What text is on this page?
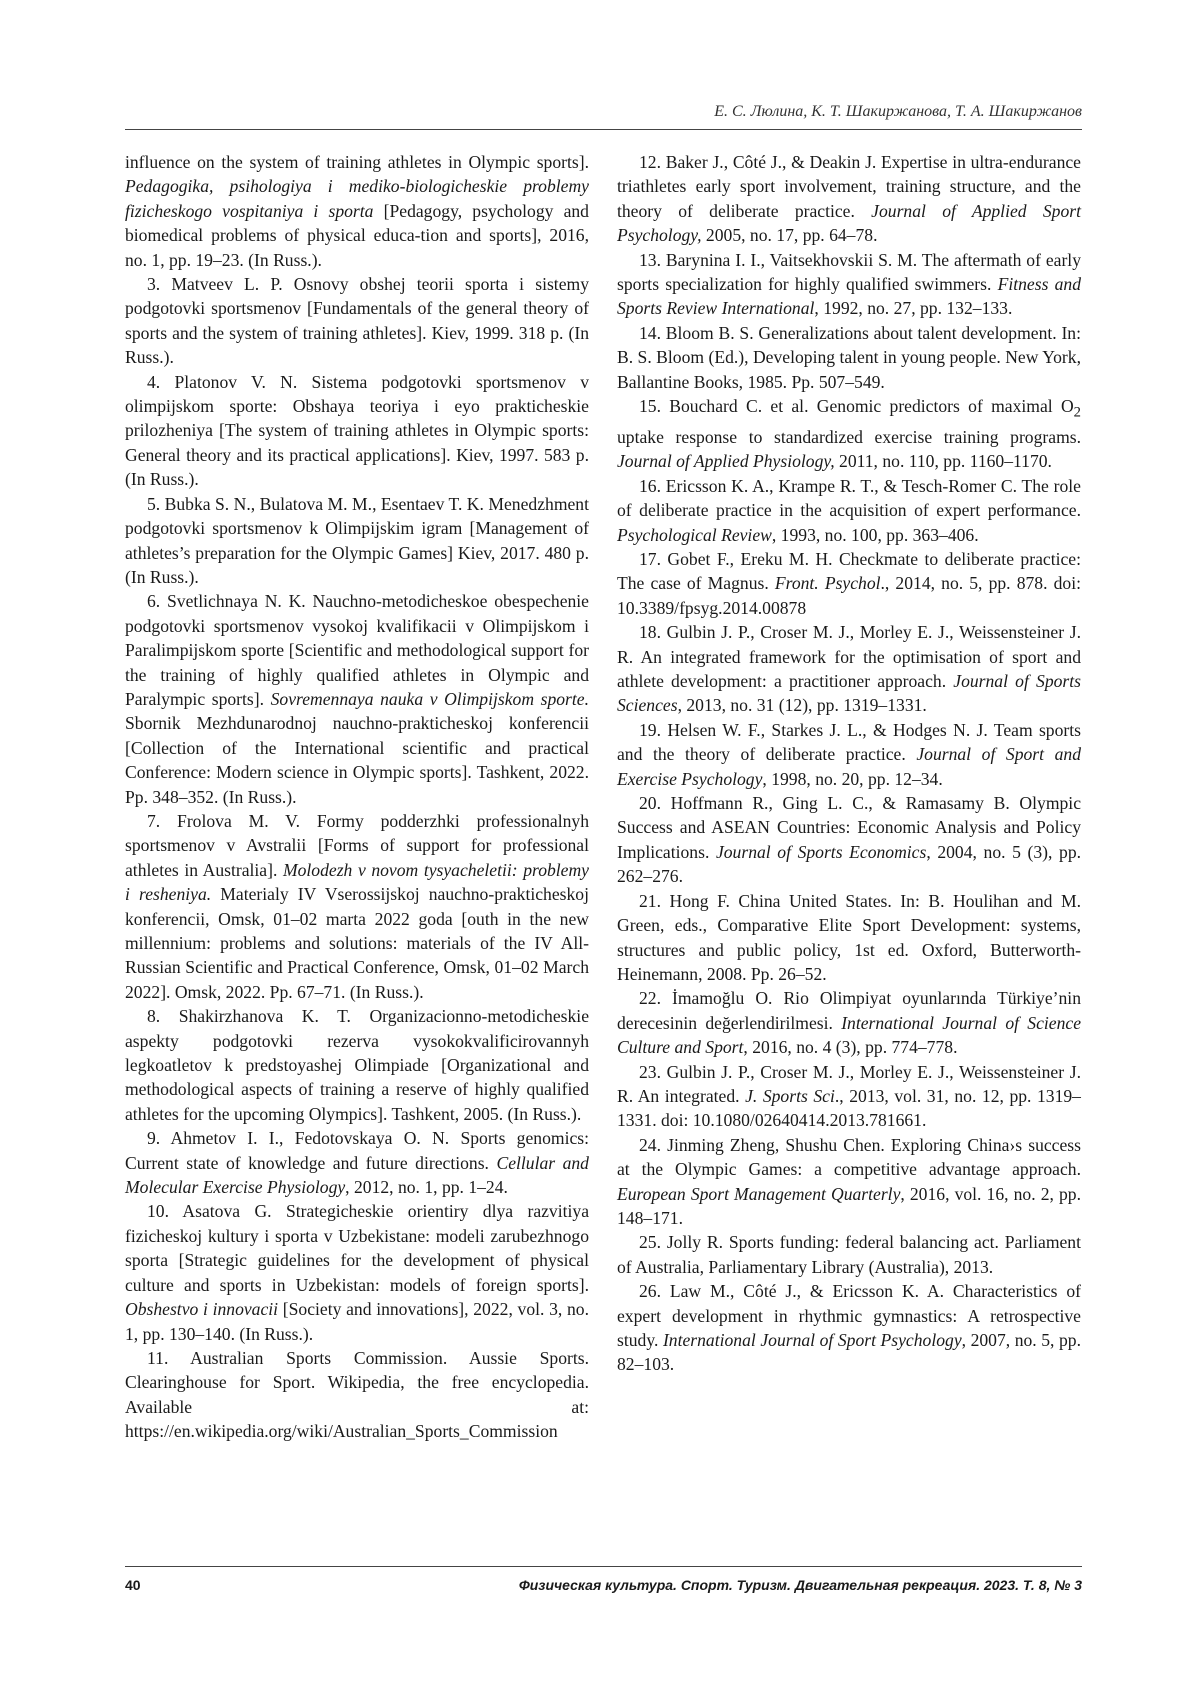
Е. С. Люлина, К. Т. Шакиржанова, Т. А. Шакиржанов

influence on the system of training athletes in Olympic sports]. Pedagogika, psihologiya i mediko-biologicheskie problemy fizicheskogo vospitaniya i sporta [Pedagogy, psychology and biomedical problems of physical educa-tion and sports], 2016, no. 1, pp. 19–23. (In Russ.).

3. Matveev L. P. Osnovy obshej teorii sporta i sistemy podgotovki sportsmenov [Fundamentals of the general theory of sports and the system of training athletes]. Kiev, 1999. 318 p. (In Russ.).

4. Platonov V. N. Sistema podgotovki sportsmenov v olimpijskom sporte: Obshaya teoriya i eyo prakticheskie prilozheniya [The system of training athletes in Olympic sports: General theory and its practical applications]. Kiev, 1997. 583 p. (In Russ.).

5. Bubka S. N., Bulatova M. M., Esentaev T. K. Menedzhment podgotovki sportsmenov k Olimpijskim igram [Management of athletes’s preparation for the Olympic Games] Kiev, 2017. 480 p. (In Russ.).

6. Svetlichnaya N. K. Nauchno-metodicheskoe obespechenie podgotovki sportsmenov vysokoj kvalifikacii v Olimpijskom i Paralimpijskom sporte [Scientific and methodological support for the training of highly qualified athletes in Olympic and Paralympic sports]. Sovremennaya nauka v Olimpijskom sporte. Sbornik Mezhdunarodnoj nauchno-prakticheskoj konferencii [Collection of the International scientific and practical Conference: Modern science in Olympic sports]. Tashkent, 2022. Pp. 348–352. (In Russ.).

7. Frolova M. V. Formy podderzhki professionalnyh sportsmenov v Avstralii [Forms of support for professional athletes in Australia]. Molodezh v novom tysyacheletii: problemy i resheniya. Materialy IV Vserossijskoj nauchno-prakticheskoj konferencii, Omsk, 01–02 marta 2022 goda [outh in the new millennium: problems and solutions: materials of the IV All-Russian Scientific and Practical Conference, Omsk, 01–02 March 2022]. Omsk, 2022. Pp. 67–71. (In Russ.).

8. Shakirzhanova K. T. Organizacionno-metodicheskie aspekty podgotovki rezerva vysokokvalificirovannyh legkoatletov k predstoyashej Olimpiade [Organizational and methodological aspects of training a reserve of highly qualified athletes for the upcoming Olympics]. Tashkent, 2005. (In Russ.).

9. Ahmetov I. I., Fedotovskaya O. N. Sports genomics: Current state of knowledge and future directions. Cellular and Molecular Exercise Physiology, 2012, no. 1, pp. 1–24.

10. Asatova G. Strategicheskie orientiry dlya razvitiya fizicheskoj kultury i sporta v Uzbekistane: modeli zarubezhnogo sporta [Strategic guidelines for the development of physical culture and sports in Uzbekistan: models of foreign sports]. Obshestvo i innovacii [Society and innovations], 2022, vol. 3, no. 1, pp. 130–140. (In Russ.).

11. Australian Sports Commission. Aussie Sports. Clearinghouse for Sport. Wikipedia, the free encyclopedia. Available at: https://en.wikipedia.org/wiki/Australian_Sports_Commission

12. Baker J., Côté J., & Deakin J. Expertise in ultra-endurance triathletes early sport involvement, training structure, and the theory of deliberate practice. Journal of Applied Sport Psychology, 2005, no. 17, pp. 64–78.

13. Barynina I. I., Vaitsekhovskii S. M. The aftermath of early sports specialization for highly qualified swimmers. Fitness and Sports Review International, 1992, no. 27, pp. 132–133.

14. Bloom B. S. Generalizations about talent development. In: B. S. Bloom (Ed.), Developing talent in young people. New York, Ballantine Books, 1985. Pp. 507–549.

15. Bouchard C. et al. Genomic predictors of maximal $O_2$ uptake response to standardized exercise training programs. Journal of Applied Physiology, 2011, no. 110, pp. 1160–1170.

16. Ericsson K. A., Krampe R. T., & Tesch-Romer C. The role of deliberate practice in the acquisition of expert performance. Psychological Review, 1993, no. 100, pp. 363–406.

17. Gobet F., Ereku M. H. Checkmate to deliberate practice: The case of Magnus. Front. Psychol., 2014, no. 5, pp. 878. doi: 10.3389/fpsyg.2014.00878

18. Gulbin J. P., Croser M. J., Morley E. J., Weissensteiner J. R. An integrated framework for the optimisation of sport and athlete development: a practitioner approach. Journal of Sports Sciences, 2013, no. 31 (12), pp. 1319–1331.

19. Helsen W. F., Starkes J. L., & Hodges N. J. Team sports and the theory of deliberate practice. Journal of Sport and Exercise Psychology, 1998, no. 20, pp. 12–34.

20. Hoffmann R., Ging L. C., & Ramasamy B. Olympic Success and ASEAN Countries: Economic Analysis and Policy Implications. Journal of Sports Economics, 2004, no. 5 (3), pp. 262–276.

21. Hong F. China United States. In: B. Houlihan and M. Green, eds., Comparative Elite Sport Development: systems, structures and public policy, 1st ed. Oxford, Butterworth-Heinemann, 2008. Pp. 26–52.

22. İmamoğlu O. Rio Olimpiyat oyunlarında Türkiye’nin derecesinin değerlendirilmesi. International Journal of Science Culture and Sport, 2016, no. 4 (3), pp. 774–778.

23. Gulbin J. P., Croser M. J., Morley E. J., Weissensteiner J. R. An integrated. J. Sports Sci., 2013, vol. 31, no. 12, pp. 1319–1331. doi: 10.1080/02640414.2013.781661.

24. Jinming Zheng, Shushu Chen. Exploring China›s success at the Olympic Games: a competitive advantage approach. European Sport Management Quarterly, 2016, vol. 16, no. 2, pp. 148–171.

25. Jolly R. Sports funding: federal balancing act. Parliament of Australia, Parliamentary Library (Australia), 2013.

26. Law M., Côté J., & Ericsson K. A. Characteristics of expert development in rhythmic gymnastics: A retrospective study. International Journal of Sport Psychology, 2007, no. 5, pp. 82–103.

40	Физическая культура. Спорт. Туризм. Двигательная рекреация. 2023. Т. 8, № 3
